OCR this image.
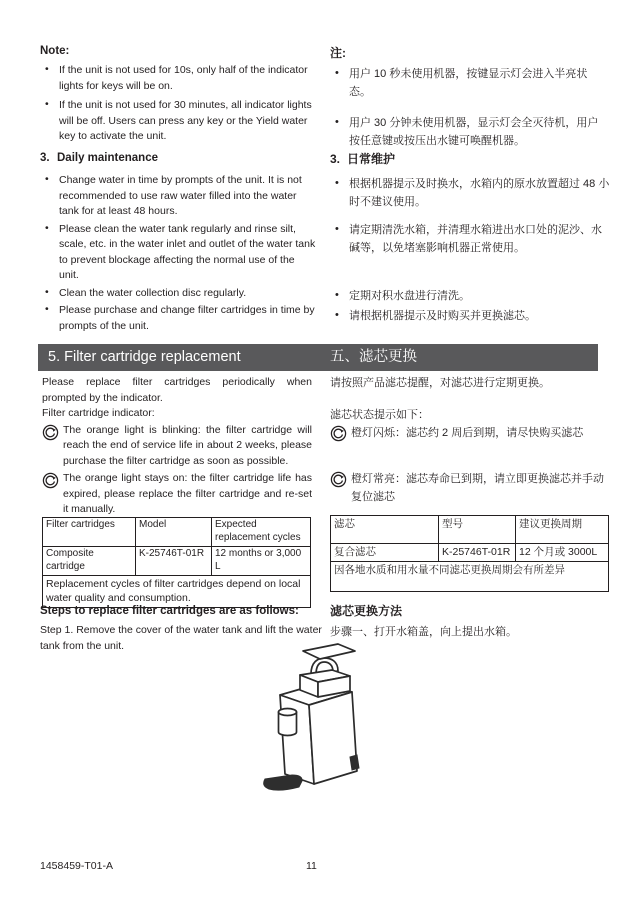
Note:
• If the unit is not used for 10s, only half of the indicator lights for keys will be on.
• If the unit is not used for 30 minutes, all indicator lights will be off. Users can press any key or the Yield water key to activate the unit.
注:
• 用户 10 秒未使用机器，按键显示灯会进入半亮状态。
• 用户 30 分钟未使用机器，显示灯会全灭待机，用户按任意键或按压出水键可唤醒机器。
3. Daily maintenance
• Change water in time by prompts of the unit. It is not recommended to use raw water filled into the water tank for at least 48 hours.
• Please clean the water tank regularly and rinse silt, scale, etc. in the water inlet and outlet of the water tank to prevent blockage affecting the normal use of the unit.
• Clean the water collection disc regularly.
• Please purchase and change filter cartridges in time by prompts of the unit.
3. 日常维护
• 根据机器提示及时换水，水箱内的原水放置超过 48 小时不建议使用。
• 请定期清洗水箱，并清理水箱进出水口处的泥沙、水碱等，以免堵塞影响机器正常使用。
• 定期对积水盘进行清洗。
• 请根据机器提示及时购买并更换滤芯。
5. Filter cartridge replacement	五、滤芯更换

Please replace filter cartridges periodically when prompted by the indicator.

Filter cartridge indicator:
The orange light is blinking: the filter cartridge will reach the end of service life in about 2 weeks, please purchase the filter cartridge as soon as possible.
The orange light stays on: the filter cartridge life has expired, please replace the filter cartridge and re-set it manually.

请按照产品滤芯提醒，对滤芯进行定期更换。

滤芯状态提示如下：
橙灯闪烁：滤芯约 2 周后到期，请尽快购买滤芯
橙灯常亮：滤芯寿命已到期，请立即更换滤芯并手动复位滤芯
Filter cartridges	Model	Expected replacement cycles
Composite cartridge	K-25746T-01R	12 months or 3,000 L
Replacement cycles of filter cartridges depend on local water quality and consumption.		
滤芯	型号	建议更换周期
复合滤芯	K-25746T-01R	12 个月或 3000L
因各地水质和用水量不同滤芯更换周期会有所差异		
Steps to replace filter cartridges are as follows:
Step 1. Remove the cover of the water tank and lift the water tank from the unit.
滤芯更换方法
步骤一、打开水箱盖，向上提出水箱。
1458459-T01-A	11
